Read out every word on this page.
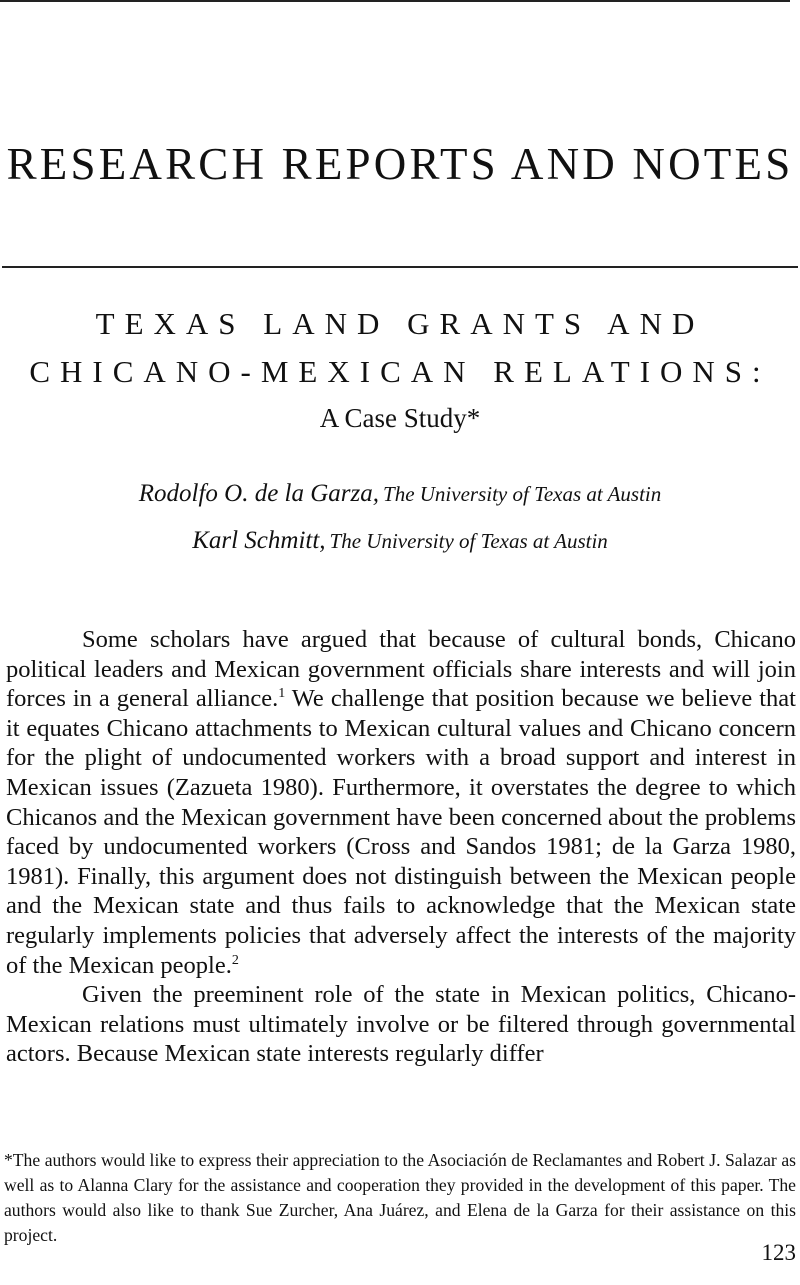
RESEARCH REPORTS AND NOTES
TEXAS LAND GRANTS AND
CHICANO-MEXICAN RELATIONS:
A Case Study*
Rodolfo O. de la Garza, The University of Texas at Austin
Karl Schmitt, The University of Texas at Austin

Some scholars have argued that because of cultural bonds, Chicano political leaders and Mexican government officials share interests and will join forces in a general alliance.$^1$ We challenge that position because we believe that it equates Chicano attachments to Mexican cultural values and Chicano concern for the plight of undocumented workers with a broad support and interest in Mexican issues (Zazueta 1980). Furthermore, it overstates the degree to which Chicanos and the Mexican government have been concerned about the problems faced by undocumented workers (Cross and Sandos 1981; de la Garza 1980, 1981). Finally, this argument does not distinguish between the Mexican people and the Mexican state and thus fails to acknowledge that the Mexican state regularly implements policies that adversely affect the interests of the majority of the Mexican people.$^2$

Given the preeminent role of the state in Mexican politics, Chicano-Mexican relations must ultimately involve or be filtered through governmental actors. Because Mexican state interests regularly differ

*The authors would like to express their appreciation to the Asociación de Reclamantes and Robert J. Salazar as well as to Alanna Clary for the assistance and cooperation they provided in the development of this paper. The authors would also like to thank Sue Zurcher, Ana Juárez, and Elena de la Garza for their assistance on this project.
123
